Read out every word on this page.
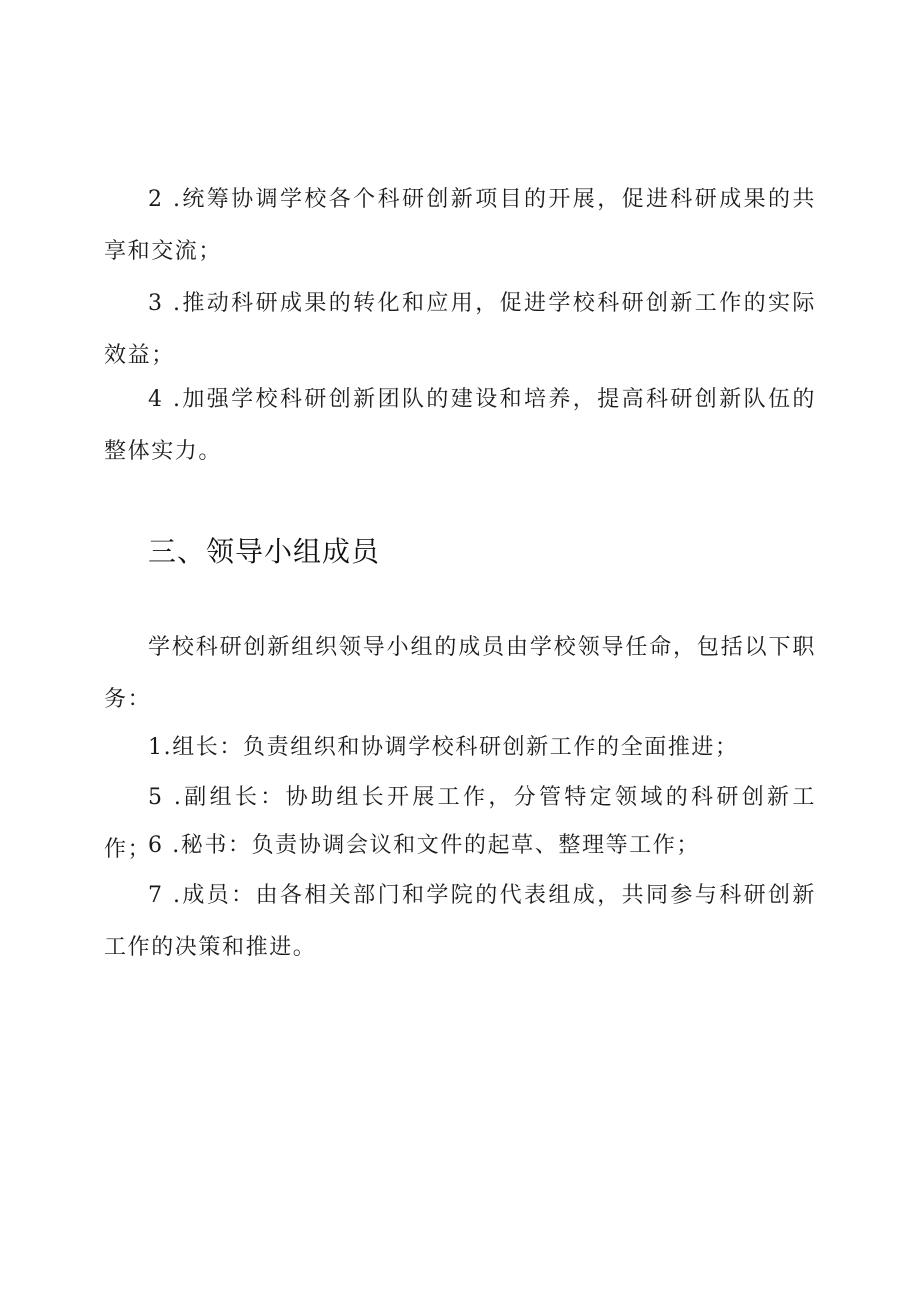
2 .统筹协调学校各个科研创新项目的开展，促进科研成果的共享和交流；

3 .推动科研成果的转化和应用，促进学校科研创新工作的实际效益；

4 .加强学校科研创新团队的建设和培养，提高科研创新队伍的整体实力。

三、领导小组成员

学校科研创新组织领导小组的成员由学校领导任命，包括以下职务：

1.组长：负责组织和协调学校科研创新工作的全面推进；

5 .副组长：协助组长开展工作，分管特定领域的科研创新工作；

6 .秘书：负责协调会议和文件的起草、整理等工作；

7 .成员：由各相关部门和学院的代表组成，共同参与科研创新工作的决策和推进。
